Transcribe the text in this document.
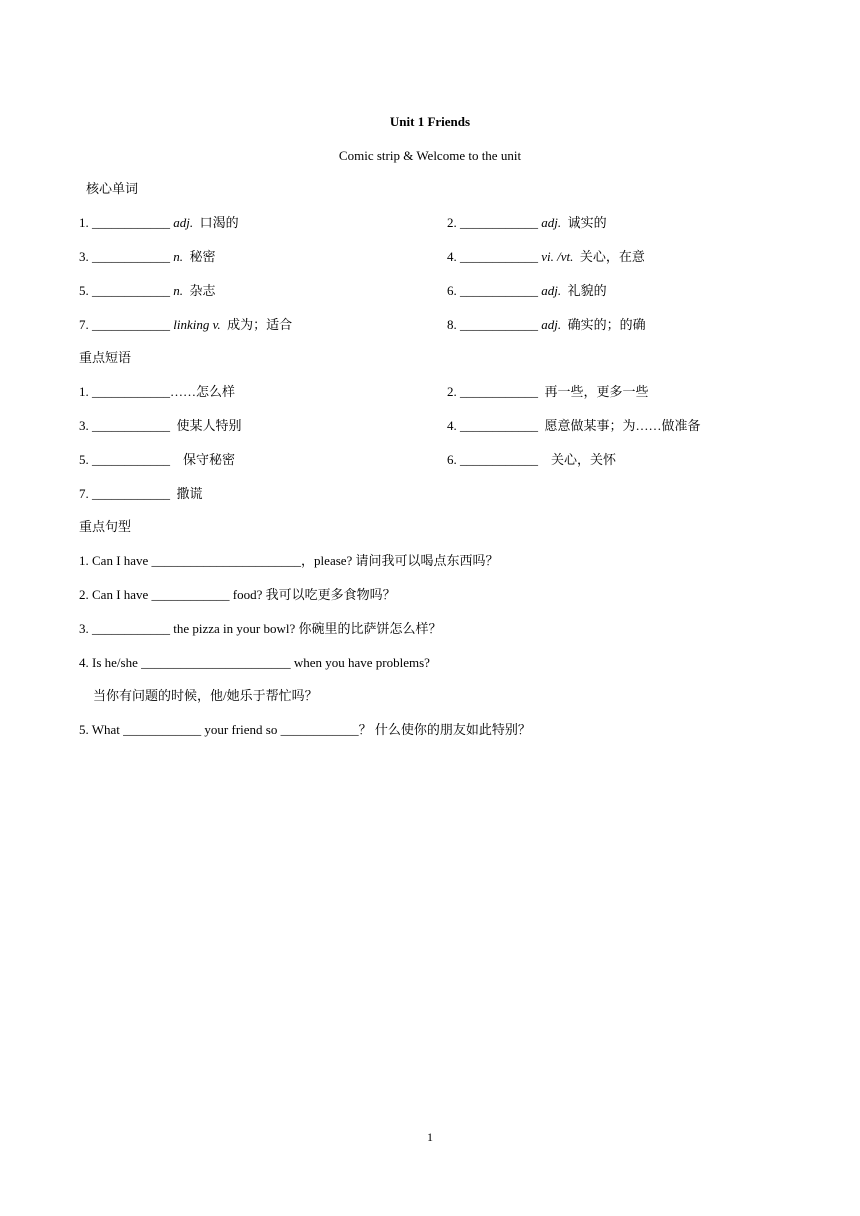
Unit 1 Friends
Comic strip & Welcome to the unit
核心单词
1. ____________ adj. 口渴的	2. ____________ adj. 诚实的
3. ____________ n. 秘密	4. ____________ vi. /vt. 关心，在意
5. ____________ n. 杂志	6. ____________ adj. 礼貌的
7. ____________ linking v. 成为；适合	8. ____________ adj. 确实的；的确
重点短语
1. ____________……怎么样	2. ____________ 再一些，更多一些
3. ____________ 使某人特别	4. ____________ 愿意做某事；为……做准备
5. ____________ 保守秘密	6. ____________ 关心，关怀
7. ____________ 撒谎
重点句型
1. Can I have _______________________，please? 请问我可以喝点东西吗？
2. Can I have ____________ food? 我可以吃更多食物吗？
3. ____________ the pizza in your bowl? 你碗里的比萨饼怎么样？
4. Is he/she _______________________ when you have problems?
当你有问题的时候，他/她乐于帮忙吗？
5. What ____________ your friend so ____________？ 什么使你的朋友如此特别？
1
